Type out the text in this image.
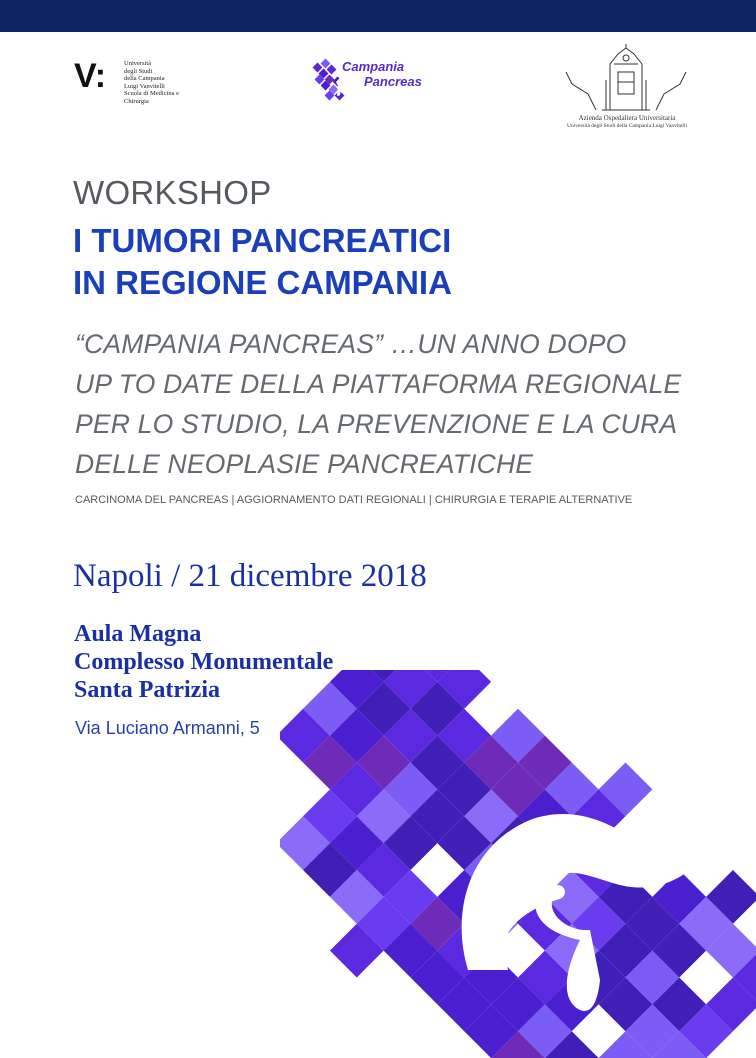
V:	Università
degli Studi
della Campania
Luigi Vanvitelli
Scuola di Medicina e
Chirurgia
Campania
Pancreas
Azienda Ospedaliera Universitaria
Università degli Studi della Campania Luigi Vanvitelli
WORKSHOP
I TUMORI PANCREATICI
IN REGIONE CAMPANIA
“CAMPANIA PANCREAS” …UN ANNO DOPO
UP TO DATE DELLA PIATTAFORMA REGIONALE
PER LO STUDIO, LA PREVENZIONE E LA CURA
DELLE NEOPLASIE PANCREATICHE
CARCINOMA DEL PANCREAS | AGGIORNAMENTO DATI REGIONALI | CHIRURGIA E TERAPIE ALTERNATIVE
Napoli / 21 dicembre 2018
Aula Magna
Complesso Monumentale
Santa Patrizia
Via Luciano Armanni, 5
